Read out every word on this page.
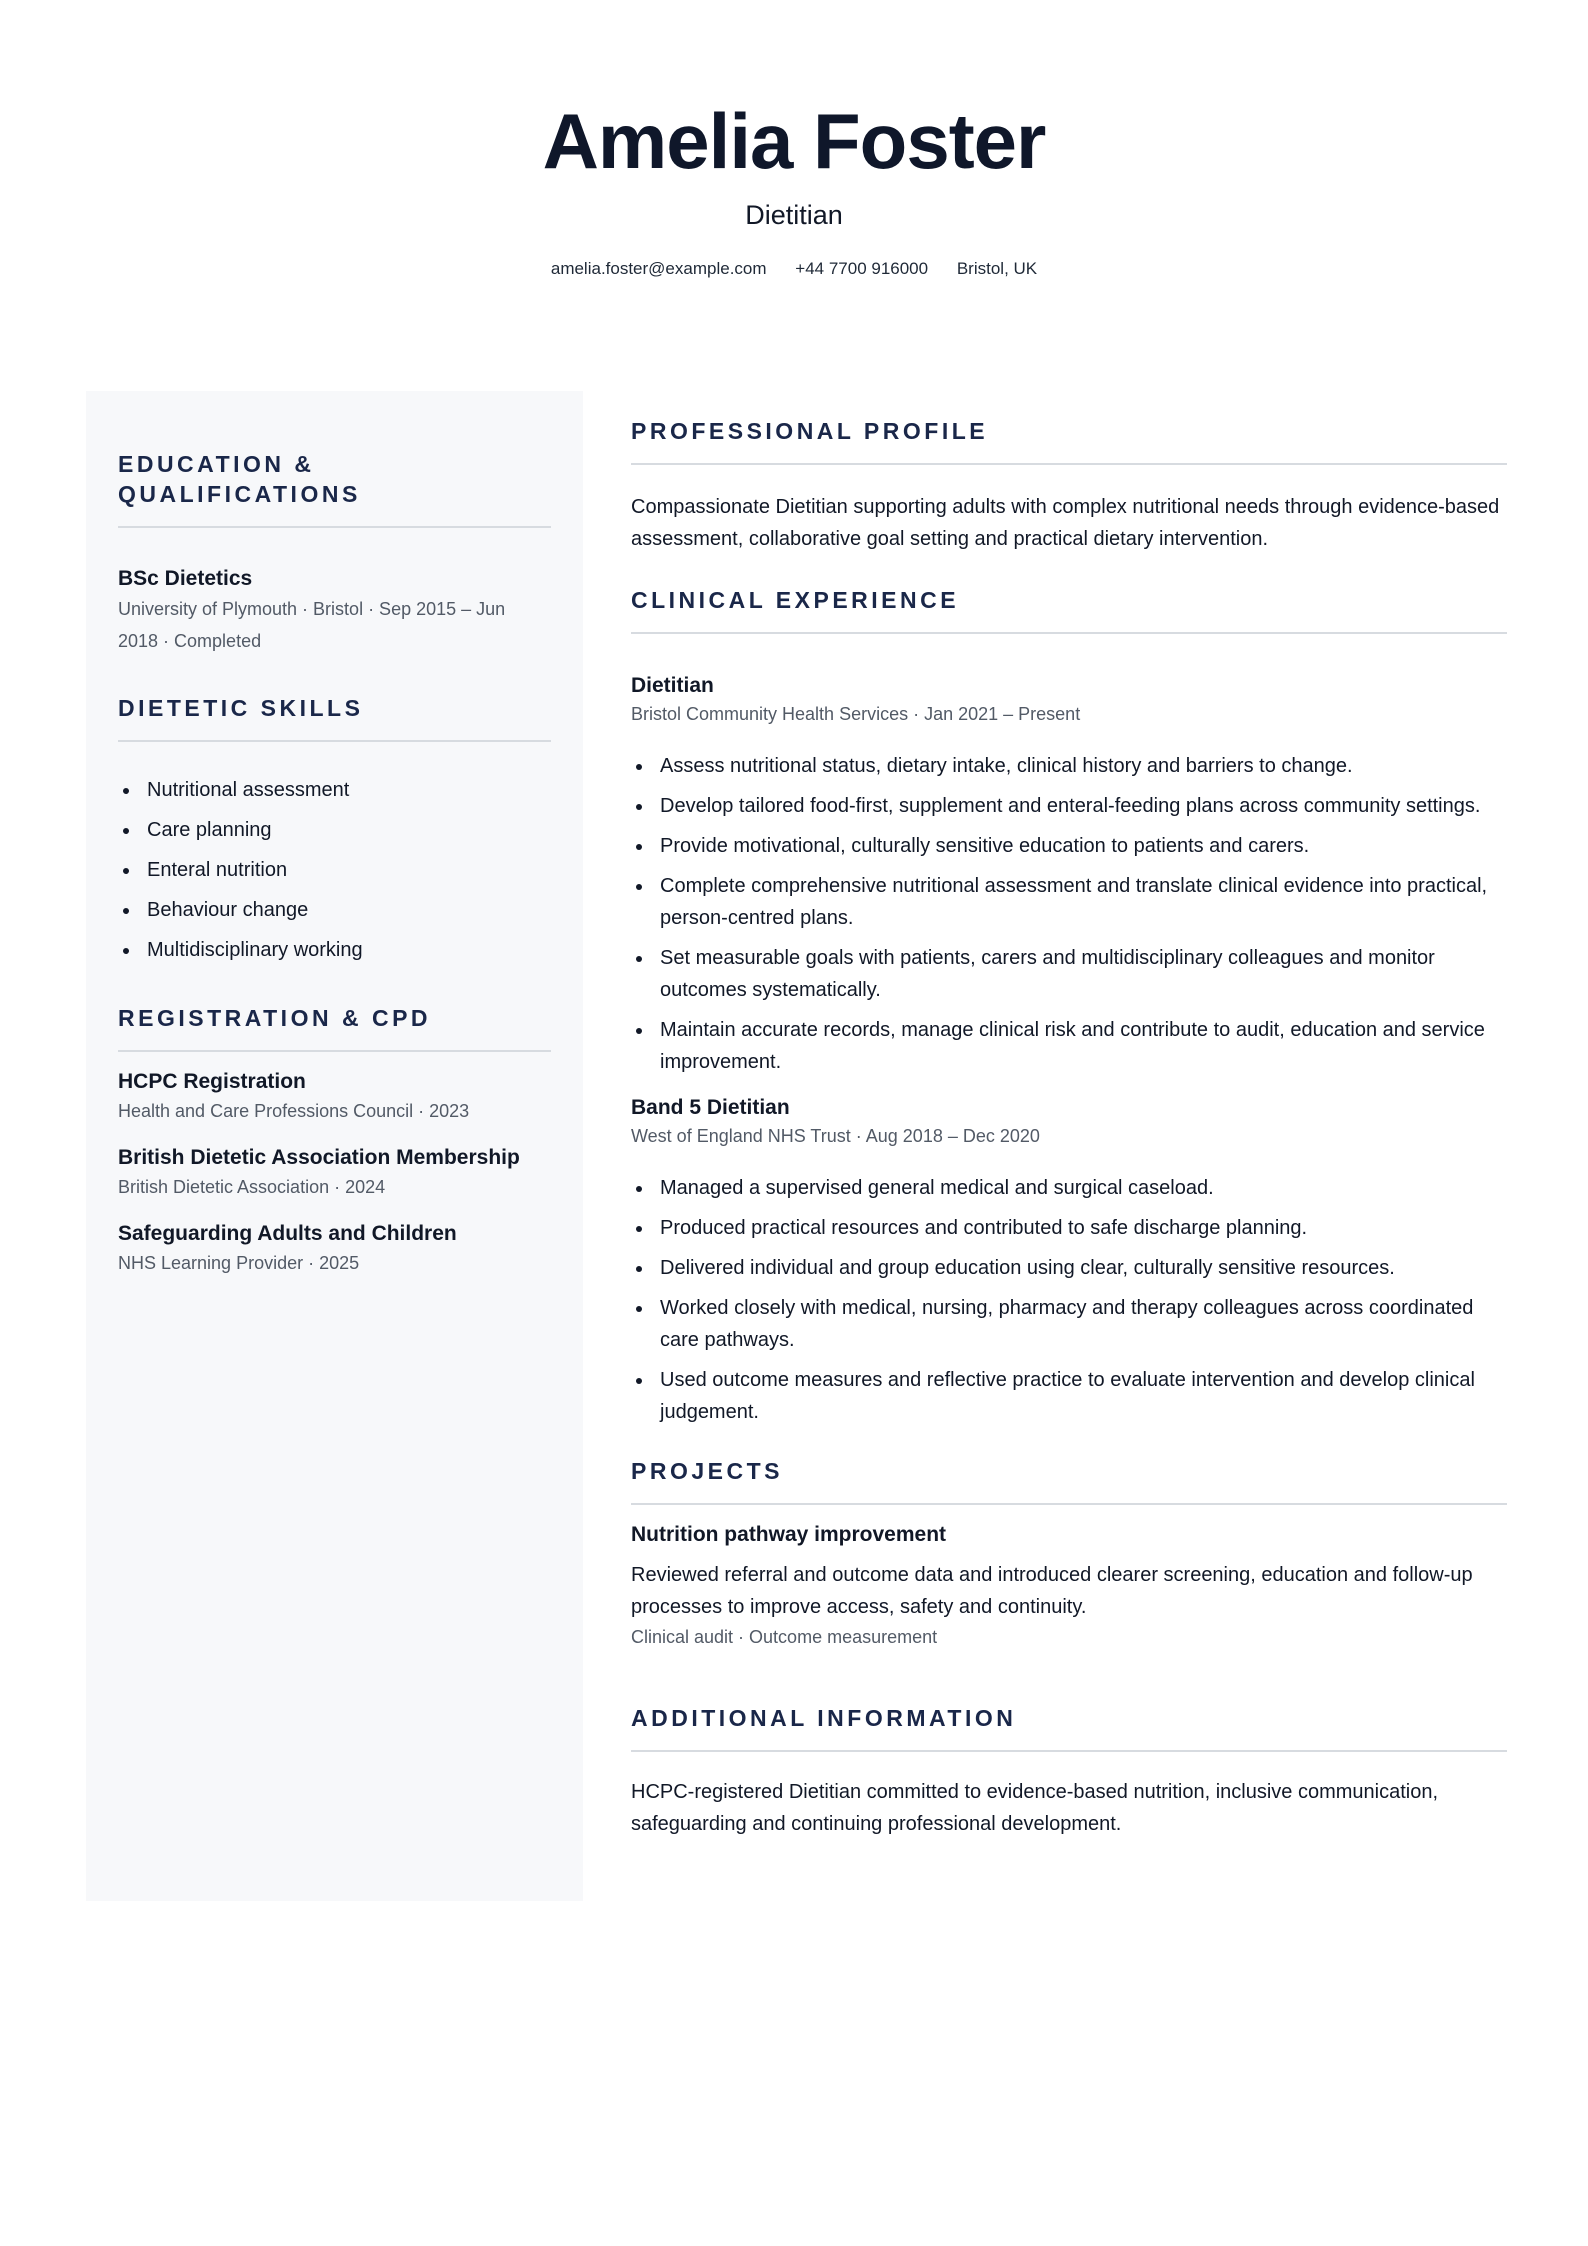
Amelia Foster
Dietitian
amelia.foster@example.com +44 7700 916000 Bristol, UK
EDUCATION & QUALIFICATIONS
BSc Dietetics
University of Plymouth · Bristol · Sep 2015 – Jun
2018 · Completed
DIETETIC SKILLS
Nutritional assessment
Care planning
Enteral nutrition
Behaviour change
Multidisciplinary working
REGISTRATION & CPD
HCPC Registration
Health and Care Professions Council · 2023
British Dietetic Association Membership
British Dietetic Association · 2024
Safeguarding Adults and Children
NHS Learning Provider · 2025
PROFESSIONAL PROFILE
Compassionate Dietitian supporting adults with complex nutritional needs through evidence-based assessment, collaborative goal setting and practical dietary intervention.
CLINICAL EXPERIENCE
Dietitian
Bristol Community Health Services · Jan 2021 – Present
Assess nutritional status, dietary intake, clinical history and barriers to change.
Develop tailored food-first, supplement and enteral-feeding plans across community settings.
Provide motivational, culturally sensitive education to patients and carers.
Complete comprehensive nutritional assessment and translate clinical evidence into practical, person-centred plans.
Set measurable goals with patients, carers and multidisciplinary colleagues and monitor outcomes systematically.
Maintain accurate records, manage clinical risk and contribute to audit, education and service improvement.
Band 5 Dietitian
West of England NHS Trust · Aug 2018 – Dec 2020
Managed a supervised general medical and surgical caseload.
Produced practical resources and contributed to safe discharge planning.
Delivered individual and group education using clear, culturally sensitive resources.
Worked closely with medical, nursing, pharmacy and therapy colleagues across coordinated care pathways.
Used outcome measures and reflective practice to evaluate intervention and develop clinical judgement.
PROJECTS
Nutrition pathway improvement
Reviewed referral and outcome data and introduced clearer screening, education and follow-up processes to improve access, safety and continuity.
Clinical audit · Outcome measurement
ADDITIONAL INFORMATION
HCPC-registered Dietitian committed to evidence-based nutrition, inclusive communication, safeguarding and continuing professional development.
